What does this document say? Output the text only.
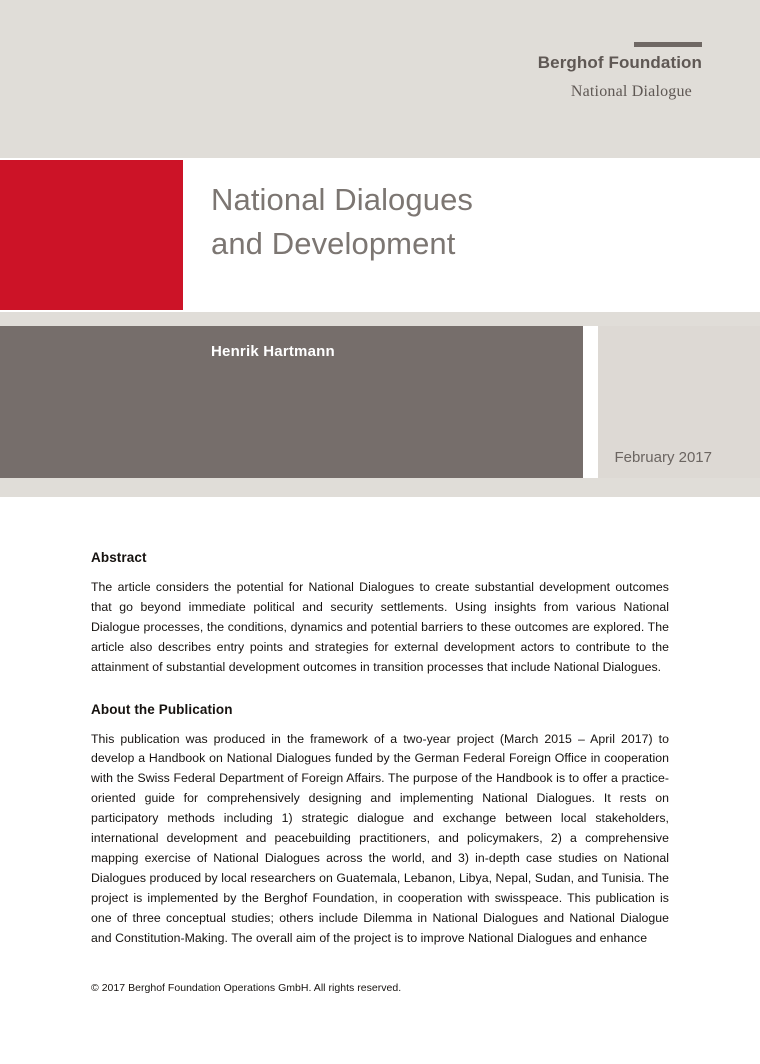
Berghof Foundation
National Dialogue
National Dialogues
and Development
Henrik Hartmann
February 2017
Abstract

The article considers the potential for National Dialogues to create substantial development outcomes that go beyond immediate political and security settlements. Using insights from various National Dialogue processes, the conditions, dynamics and potential barriers to these outcomes are explored. The article also describes entry points and strategies for external development actors to contribute to the attainment of substantial development outcomes in transition processes that include National Dialogues.

About the Publication

This publication was produced in the framework of a two-year project (March 2015 – April 2017) to develop a Handbook on National Dialogues funded by the German Federal Foreign Office in cooperation with the Swiss Federal Department of Foreign Affairs. The purpose of the Handbook is to offer a practice-oriented guide for comprehensively designing and implementing National Dialogues. It rests on participatory methods including 1) strategic dialogue and exchange between local stakeholders, international development and peacebuilding practitioners, and policymakers, 2) a comprehensive mapping exercise of National Dialogues across the world, and 3) in-depth case studies on National Dialogues produced by local researchers on Guatemala, Lebanon, Libya, Nepal, Sudan, and Tunisia. The project is implemented by the Berghof Foundation, in cooperation with swisspeace. This publication is one of three conceptual studies; others include Dilemma in National Dialogues and National Dialogue and Constitution-Making. The overall aim of the project is to improve National Dialogues and enhance

© 2017 Berghof Foundation Operations GmbH. All rights reserved.
